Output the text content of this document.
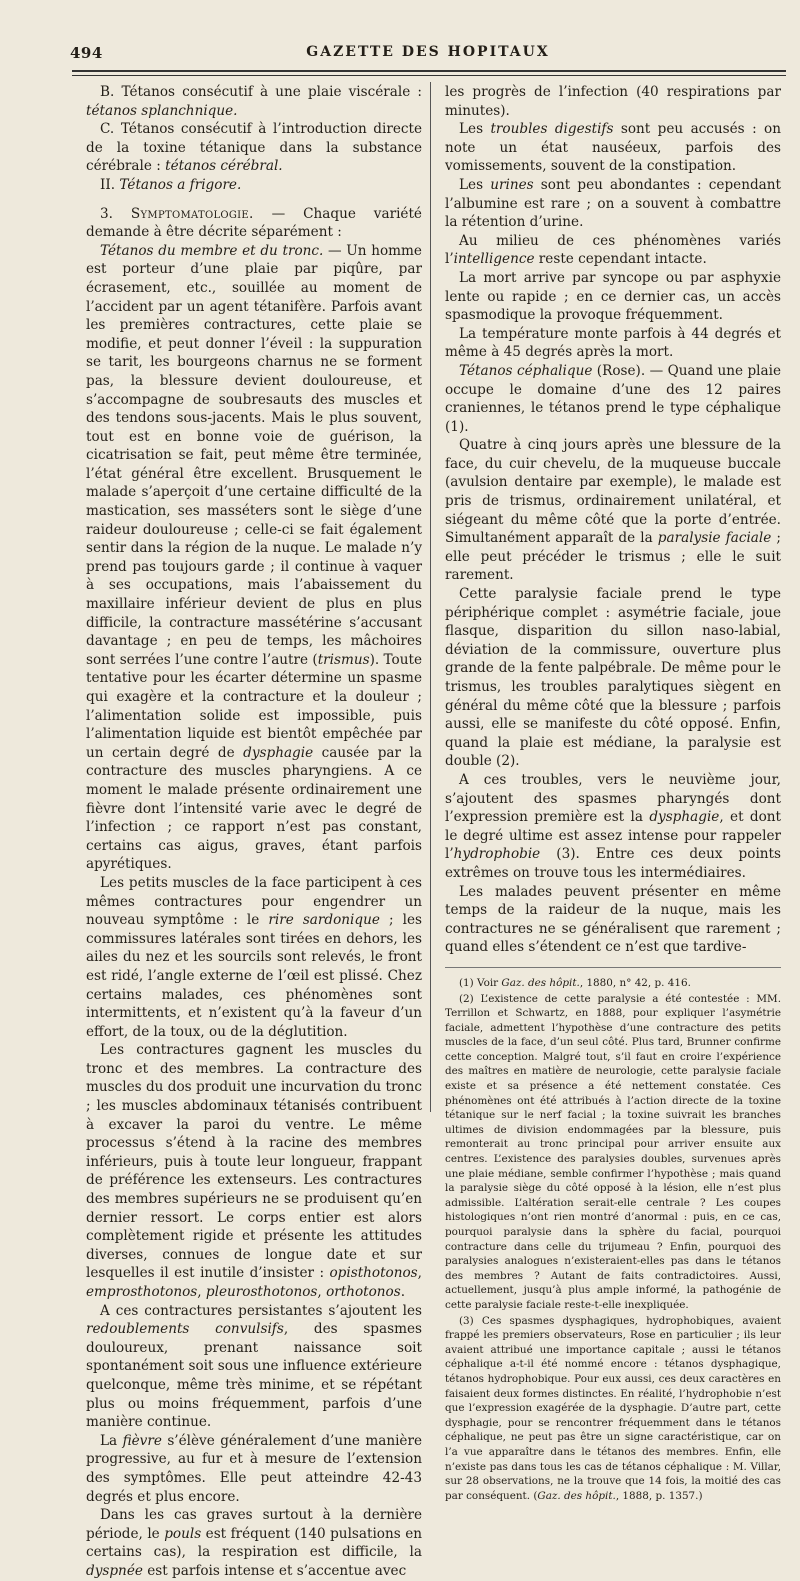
494	GAZETTE DES HOPITAUX

B. Tétanos consécutif à une plaie viscérale : tétanos splanchnique.

C. Tétanos consécutif à l’introduction directe de la toxine tétanique dans la substance cérébrale : tétanos cérébral.

II. Tétanos a frigore.

3. Symptomatologie. — Chaque variété demande à être décrite séparément :

Tétanos du membre et du tronc. — Un homme est porteur d’une plaie par piqûre, par écrasement, etc., souillée au moment de l’accident par un agent tétanifère. Parfois avant les premières contractures, cette plaie se modifie, et peut donner l’éveil : la suppuration se tarit, les bourgeons charnus ne se forment pas, la blessure devient douloureuse, et s’accompagne de soubresauts des muscles et des tendons sous-jacents. Mais le plus souvent, tout est en bonne voie de guérison, la cicatrisation se fait, peut même être terminée, l’état général être excellent. Brusquement le malade s’aperçoit d’une certaine difficulté de la mastication, ses masséters sont le siège d’une raideur douloureuse ; celle-ci se fait également sentir dans la région de la nuque. Le malade n’y prend pas toujours garde ; il continue à vaquer à ses occupations, mais l’abaissement du maxillaire inférieur devient de plus en plus difficile, la contracture massétérine s’accusant davantage ; en peu de temps, les mâchoires sont serrées l’une contre l’autre (trismus). Toute tentative pour les écarter détermine un spasme qui exagère et la contracture et la douleur ; l’alimentation solide est impossible, puis l’alimentation liquide est bientôt empêchée par un certain degré de dysphagie causée par la contracture des muscles pharyngiens. A ce moment le malade présente ordinairement une fièvre dont l’intensité varie avec le degré de l’infection ; ce rapport n’est pas constant, certains cas aigus, graves, étant parfois apyrétiques.

Les petits muscles de la face participent à ces mêmes contractures pour engendrer un nouveau symptôme : le rire sardonique ; les commissures latérales sont tirées en dehors, les ailes du nez et les sourcils sont relevés, le front est ridé, l’angle externe de l’œil est plissé. Chez certains malades, ces phénomènes sont intermittents, et n’existent qu’à la faveur d’un effort, de la toux, ou de la déglutition.

Les contractures gagnent les muscles du tronc et des membres. La contracture des muscles du dos produit une incurvation du tronc ; les muscles abdominaux tétanisés contribuent à excaver la paroi du ventre. Le même processus s’étend à la racine des membres inférieurs, puis à toute leur longueur, frappant de préférence les extenseurs. Les contractures des membres supérieurs ne se produisent qu’en dernier ressort. Le corps entier est alors complètement rigide et présente les attitudes diverses, connues de longue date et sur lesquelles il est inutile d’insister : opisthotonos, emprosthotonos, pleurosthotonos, orthotonos.

A ces contractures persistantes s’ajoutent les redoublements convulsifs, des spasmes douloureux, prenant naissance soit spontanément soit sous une influence extérieure quelconque, même très minime, et se répétant plus ou moins fréquemment, parfois d’une manière continue.

La fièvre s’élève généralement d’une manière progressive, au fur et à mesure de l’extension des symptômes. Elle peut atteindre 42-43 degrés et plus encore.

Dans les cas graves surtout à la dernière période, le pouls est fréquent (140 pulsations en certains cas), la respiration est difficile, la dyspnée est parfois intense et s’accentue avec

les progrès de l’infection (40 respirations par minutes).

Les troubles digestifs sont peu accusés : on note un état nauséeux, parfois des vomissements, souvent de la constipation.

Les urines sont peu abondantes : cependant l’albumine est rare ; on a souvent à combattre la rétention d’urine.

Au milieu de ces phénomènes variés l’intelligence reste cependant intacte.

La mort arrive par syncope ou par asphyxie lente ou rapide ; en ce dernier cas, un accès spasmodique la provoque fréquemment.

La température monte parfois à 44 degrés et même à 45 degrés après la mort.

Tétanos céphalique (Rose). — Quand une plaie occupe le domaine d’une des 12 paires craniennes, le tétanos prend le type céphalique (1).

Quatre à cinq jours après une blessure de la face, du cuir chevelu, de la muqueuse buccale (avulsion dentaire par exemple), le malade est pris de trismus, ordinairement unilatéral, et siégeant du même côté que la porte d’entrée. Simultanément apparaît de la paralysie faciale ; elle peut précéder le trismus ; elle le suit rarement.

Cette paralysie faciale prend le type périphérique complet : asymétrie faciale, joue flasque, disparition du sillon naso-labial, déviation de la commissure, ouverture plus grande de la fente palpébrale. De même pour le trismus, les troubles paralytiques siègent en général du même côté que la blessure ; parfois aussi, elle se manifeste du côté opposé. Enfin, quand la plaie est médiane, la paralysie est double (2).

A ces troubles, vers le neuvième jour, s’ajoutent des spasmes pharyngés dont l’expression première est la dysphagie, et dont le degré ultime est assez intense pour rappeler l’hydrophobie (3). Entre ces deux points extrêmes on trouve tous les intermédiaires.

Les malades peuvent présenter en même temps de la raideur de la nuque, mais les contractures ne se généralisent que rarement ; quand elles s’étendent ce n’est que tardive-

(1) Voir Gaz. des hôpit., 1880, n° 42, p. 416.

(2) L’existence de cette paralysie a été contestée : MM. Terrillon et Schwartz, en 1888, pour expliquer l’asymétrie faciale, admettent l’hypothèse d’une contracture des petits muscles de la face, d’un seul côté. Plus tard, Brunner confirme cette conception. Malgré tout, s’il faut en croire l’expérience des maîtres en matière de neurologie, cette paralysie faciale existe et sa présence a été nettement constatée. Ces phénomènes ont été attribués à l’action directe de la toxine tétanique sur le nerf facial ; la toxine suivrait les branches ultimes de division endommagées par la blessure, puis remonterait au tronc principal pour arriver ensuite aux centres. L’existence des paralysies doubles, survenues après une plaie médiane, semble confirmer l’hypothèse ; mais quand la paralysie siège du côté opposé à la lésion, elle n’est plus admissible. L’altération serait-elle centrale ? Les coupes histologiques n’ont rien montré d’anormal : puis, en ce cas, pourquoi paralysie dans la sphère du facial, pourquoi contracture dans celle du trijumeau ? Enfin, pourquoi des paralysies analogues n’existeraient-elles pas dans le tétanos des membres ? Autant de faits contradictoires. Aussi, actuellement, jusqu’à plus ample informé, la pathogénie de cette paralysie faciale reste-t-elle inexpliquée.

(3) Ces spasmes dysphagiques, hydrophobiques, avaient frappé les premiers observateurs, Rose en particulier ; ils leur avaient attribué une importance capitale ; aussi le tétanos céphalique a-t-il été nommé encore : tétanos dysphagique, tétanos hydrophobique. Pour eux aussi, ces deux caractères en faisaient deux formes distinctes. En réalité, l’hydrophobie n’est que l’expression exagérée de la dysphagie. D’autre part, cette dysphagie, pour se rencontrer fréquemment dans le tétanos céphalique, ne peut pas être un signe caractéristique, car on l’a vue apparaître dans le tétanos des membres. Enfin, elle n’existe pas dans tous les cas de tétanos céphalique : M. Villar, sur 28 observations, ne la trouve que 14 fois, la moitié des cas par conséquent. (Gaz. des hôpit., 1888, p. 1357.)
